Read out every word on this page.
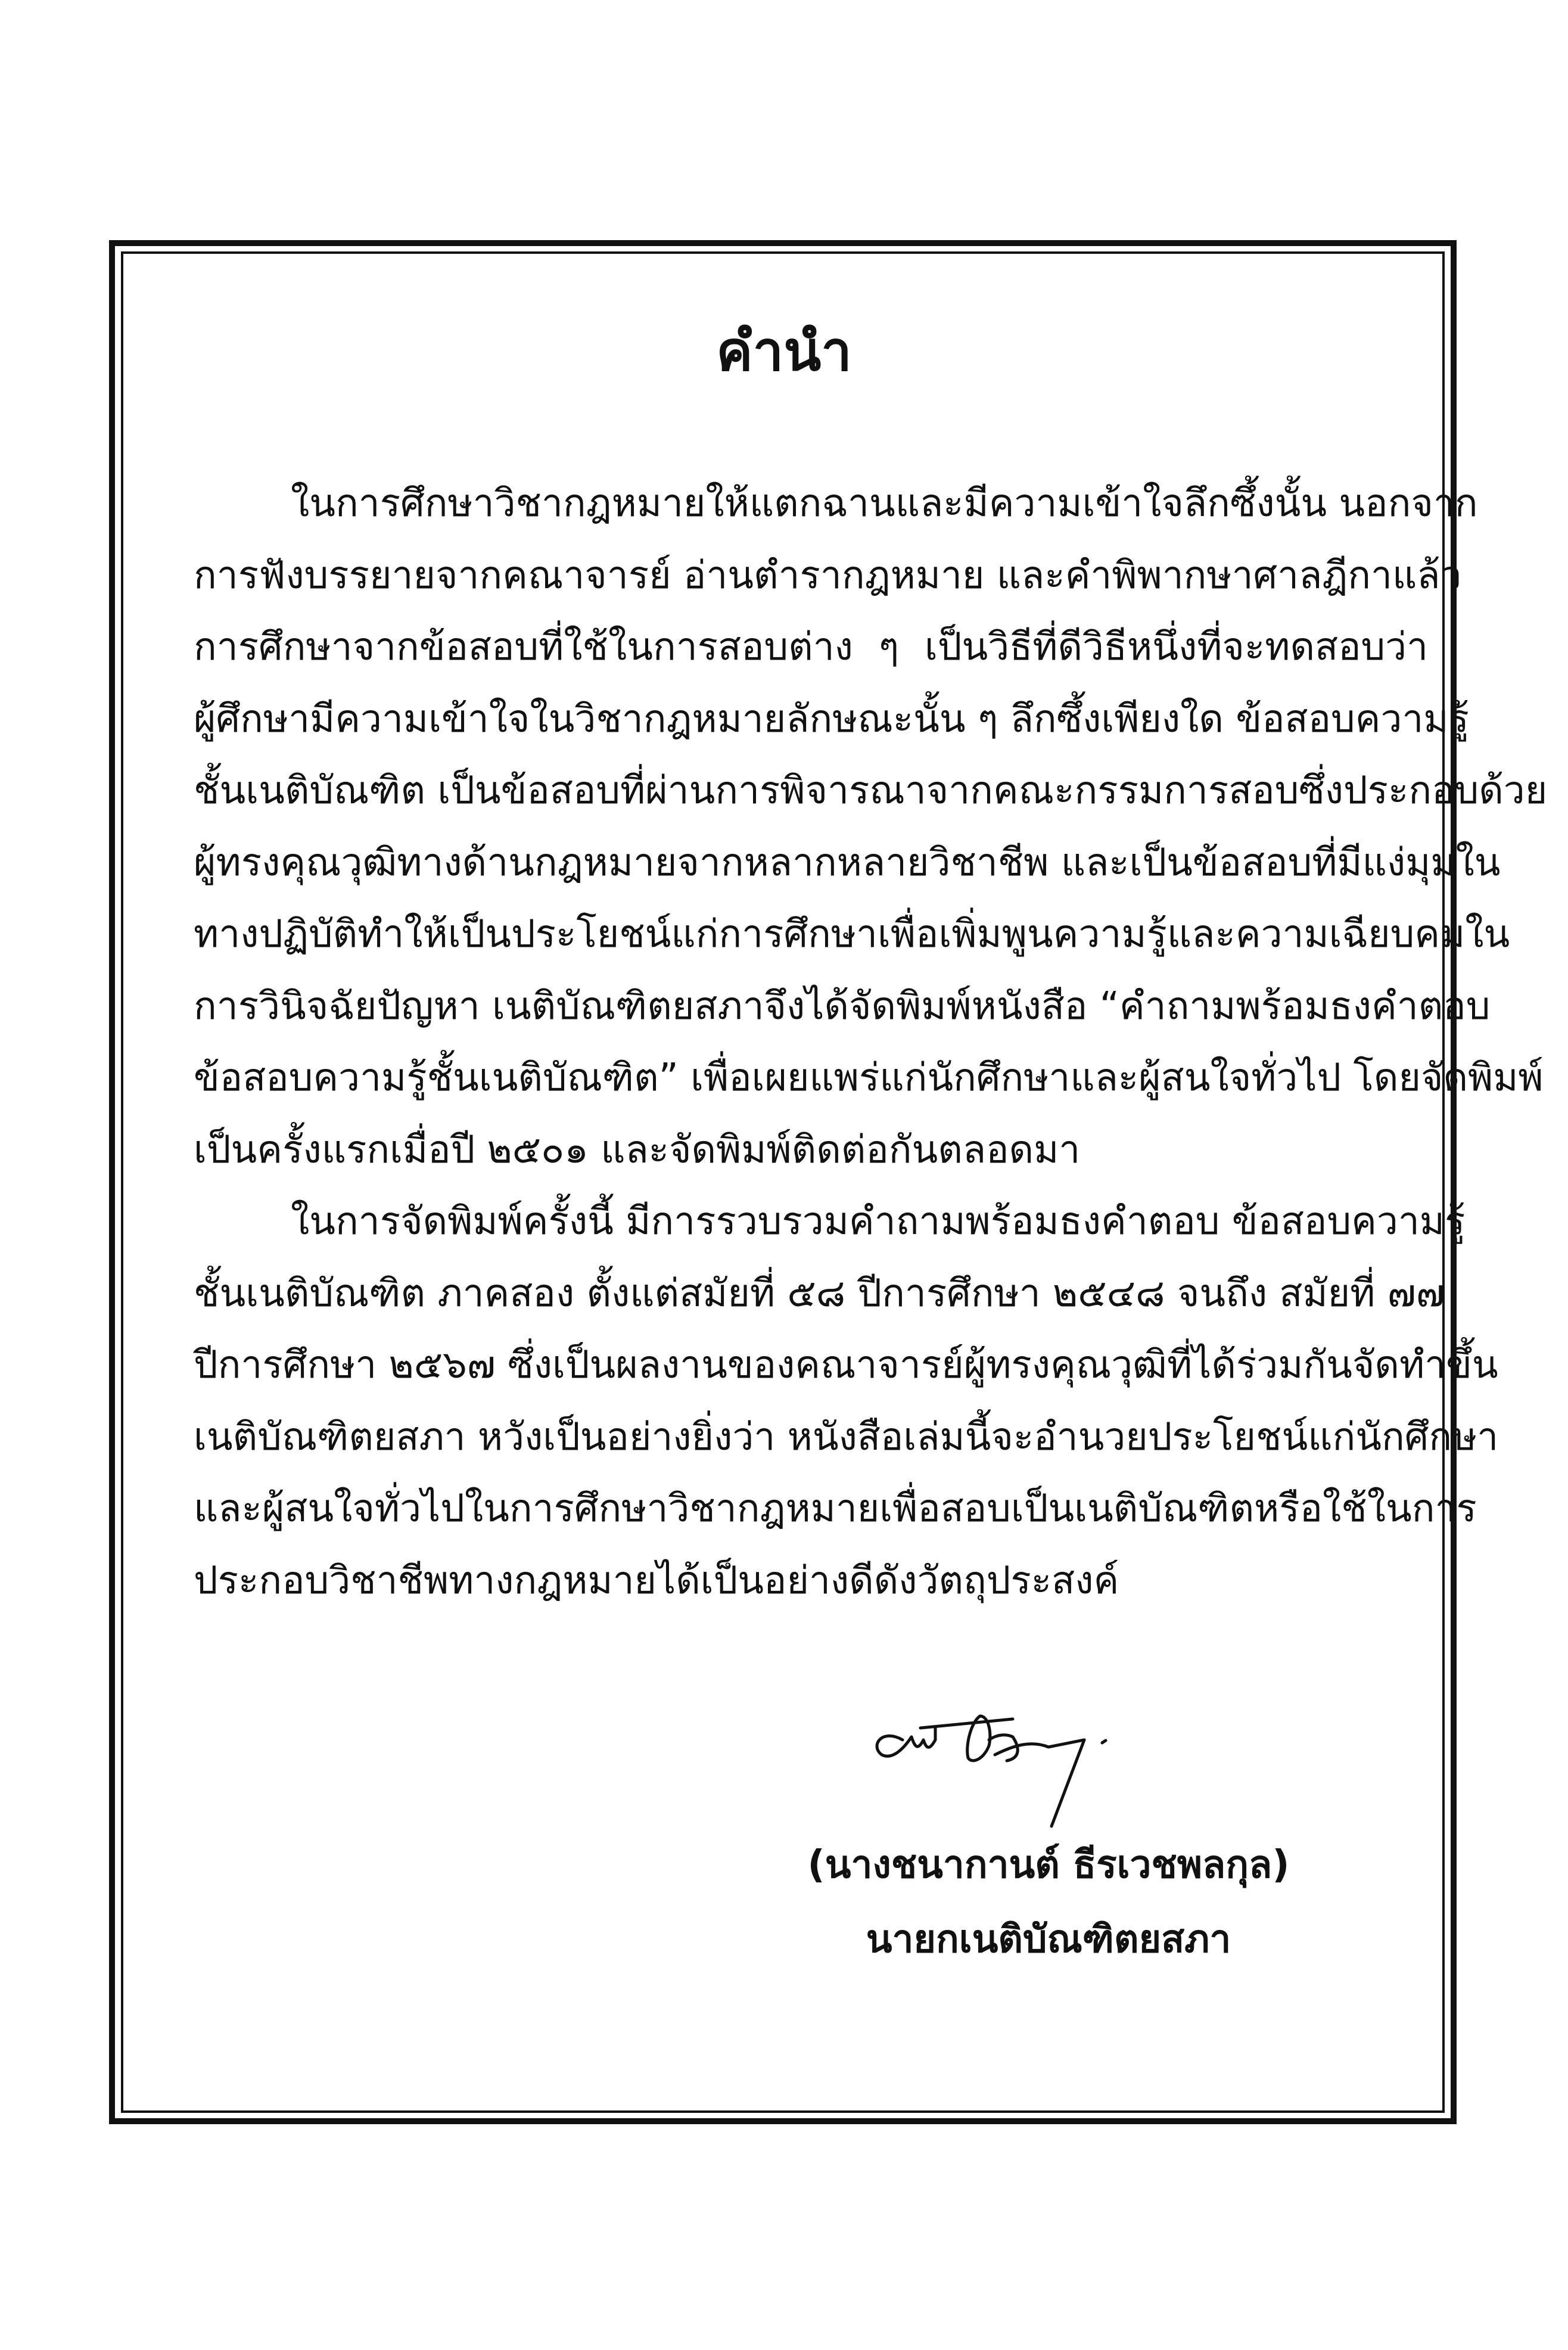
คำนำ
ในการศึกษาวิชากฎหมายให้แตกฉานและมีความเข้าใจลึกซึ้งนั้น นอกจาก
การฟังบรรยายจากคณาจารย์ อ่านตำรากฎหมาย และคำพิพากษาศาลฎีกาแล้ว
การศึกษาจากข้อสอบที่ใช้ในการสอบต่าง ๆ เป็นวิธีที่ดีวิธีหนึ่งที่จะทดสอบว่า
ผู้ศึกษามีความเข้าใจในวิชากฎหมายลักษณะนั้น ๆ ลึกซึ้งเพียงใด ข้อสอบความรู้
ชั้นเนติบัณฑิต เป็นข้อสอบที่ผ่านการพิจารณาจากคณะกรรมการสอบซึ่งประกอบด้วย
ผู้ทรงคุณวุฒิทางด้านกฎหมายจากหลากหลายวิชาชีพ และเป็นข้อสอบที่มีแง่มุมใน
ทางปฏิบัติทำให้เป็นประโยชน์แก่การศึกษาเพื่อเพิ่มพูนความรู้และความเฉียบคมใน
การวินิจฉัยปัญหา เนติบัณฑิตยสภาจึงได้จัดพิมพ์หนังสือ “คำถามพร้อมธงคำตอบ
ข้อสอบความรู้ชั้นเนติบัณฑิต” เพื่อเผยแพร่แก่นักศึกษาและผู้สนใจทั่วไป โดยจัดพิมพ์
เป็นครั้งแรกเมื่อปี ๒๕๐๑ และจัดพิมพ์ติดต่อกันตลอดมา
ในการจัดพิมพ์ครั้งนี้ มีการรวบรวมคำถามพร้อมธงคำตอบ ข้อสอบความรู้
ชั้นเนติบัณฑิต ภาคสอง ตั้งแต่สมัยที่ ๕๘ ปีการศึกษา ๒๕๔๘ จนถึง สมัยที่ ๗๗
ปีการศึกษา ๒๕๖๗ ซึ่งเป็นผลงานของคณาจารย์ผู้ทรงคุณวุฒิที่ได้ร่วมกันจัดทำขึ้น
เนติบัณฑิตยสภา หวังเป็นอย่างยิ่งว่า หนังสือเล่มนี้จะอำนวยประโยชน์แก่นักศึกษา
และผู้สนใจทั่วไปในการศึกษาวิชากฎหมายเพื่อสอบเป็นเนติบัณฑิตหรือใช้ในการ
ประกอบวิชาชีพทางกฎหมายได้เป็นอย่างดีดังวัตถุประสงค์
(นางชนากานต์ ธีรเวชพลกุล)
นายกเนติบัณฑิตยสภา
